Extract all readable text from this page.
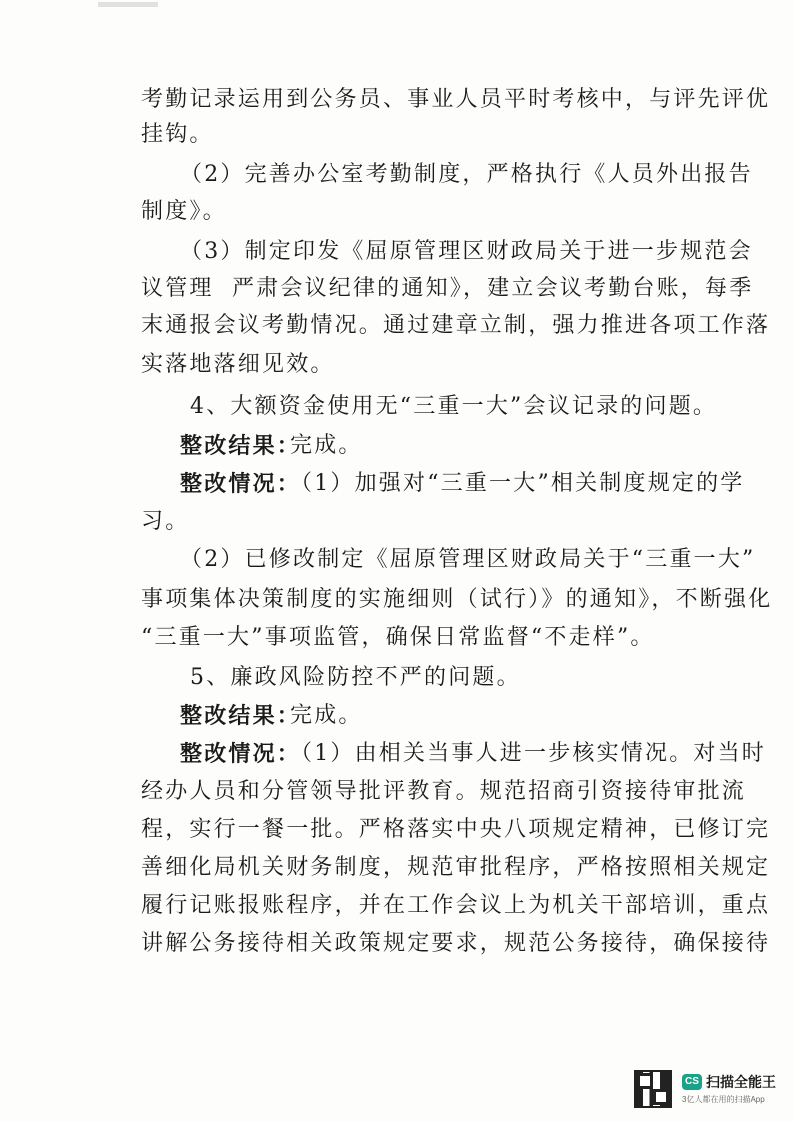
考勤记录运用到公务员、事业人员平时考核中，与评先评优
挂钩。
（2）完善办公室考勤制度，严格执行《人员外出报告
制度》。
（3）制定印发《屈原管理区财政局关于进一步规范会
议管理  严肃会议纪律的通知》，建立会议考勤台账，每季
末通报会议考勤情况。通过建章立制，强力推进各项工作落
实落地落细见效。
4、大额资金使用无“三重一大”会议记录的问题。
整改结果：
完成。
整改情况：
（1）加强对“三重一大”相关制度规定的学
习。
（2）已修改制定《屈原管理区财政局关于“三重一大”
事项集体决策制度的实施细则（试行）》的通知》，不断强化
“三重一大”事项监管，确保日常监督“不走样”。
5、廉政风险防控不严的问题。
整改结果：
完成。
整改情况：
（1）由相关当事人进一步核实情况。对当时
经办人员和分管领导批评教育。规范招商引资接待审批流
程，实行一餐一批。严格落实中央八项规定精神，已修订完
善细化局机关财务制度，规范审批程序，严格按照相关规定
履行记账报账程序，并在工作会议上为机关干部培训，重点
讲解公务接待相关政策规定要求，规范公务接待，确保接待
CS 扫描全能王
3亿人都在用的扫描App
